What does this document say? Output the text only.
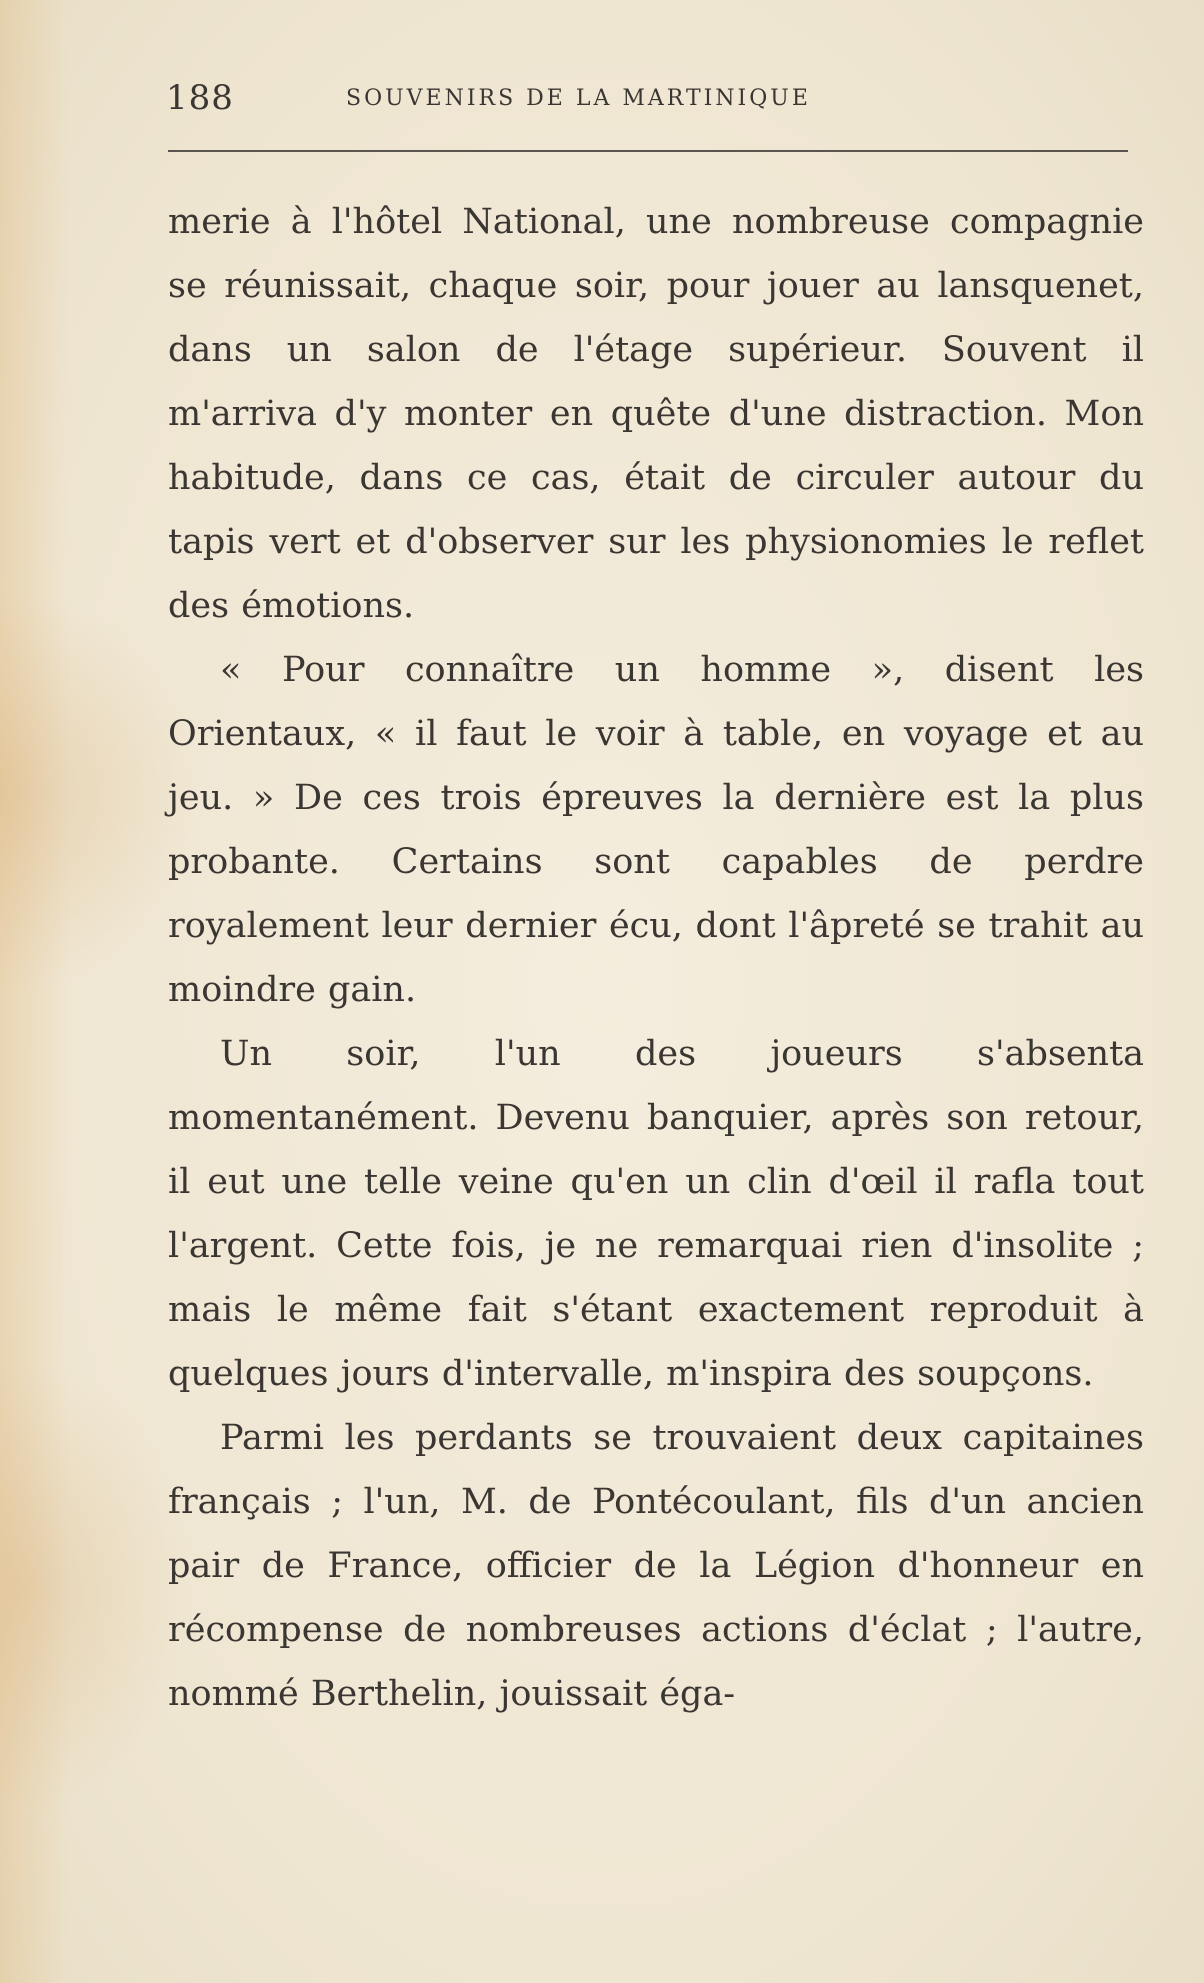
188	SOUVENIRS DE LA MARTINIQUE

merie à l'hôtel National, une nombreuse compagnie se réunissait, chaque soir, pour jouer au lansquenet, dans un salon de l'étage supérieur. Souvent il m'arriva d'y monter en quête d'une distraction. Mon habitude, dans ce cas, était de circuler autour du tapis vert et d'observer sur les physionomies le reflet des émotions.

« Pour connaître un homme », disent les Orientaux, « il faut le voir à table, en voyage et au jeu. » De ces trois épreuves la dernière est la plus probante. Certains sont capables de perdre royalement leur dernier écu, dont l'âpreté se trahit au moindre gain.

Un soir, l'un des joueurs s'absenta momentanément. Devenu banquier, après son retour, il eut une telle veine qu'en un clin d'œil il rafla tout l'argent. Cette fois, je ne remarquai rien d'insolite ; mais le même fait s'étant exactement reproduit à quelques jours d'intervalle, m'inspira des soupçons.

Parmi les perdants se trouvaient deux capitaines français ; l'un, M. de Pontécoulant, fils d'un ancien pair de France, officier de la Légion d'honneur en récompense de nombreuses actions d'éclat ; l'autre, nommé Berthelin, jouissait éga-
